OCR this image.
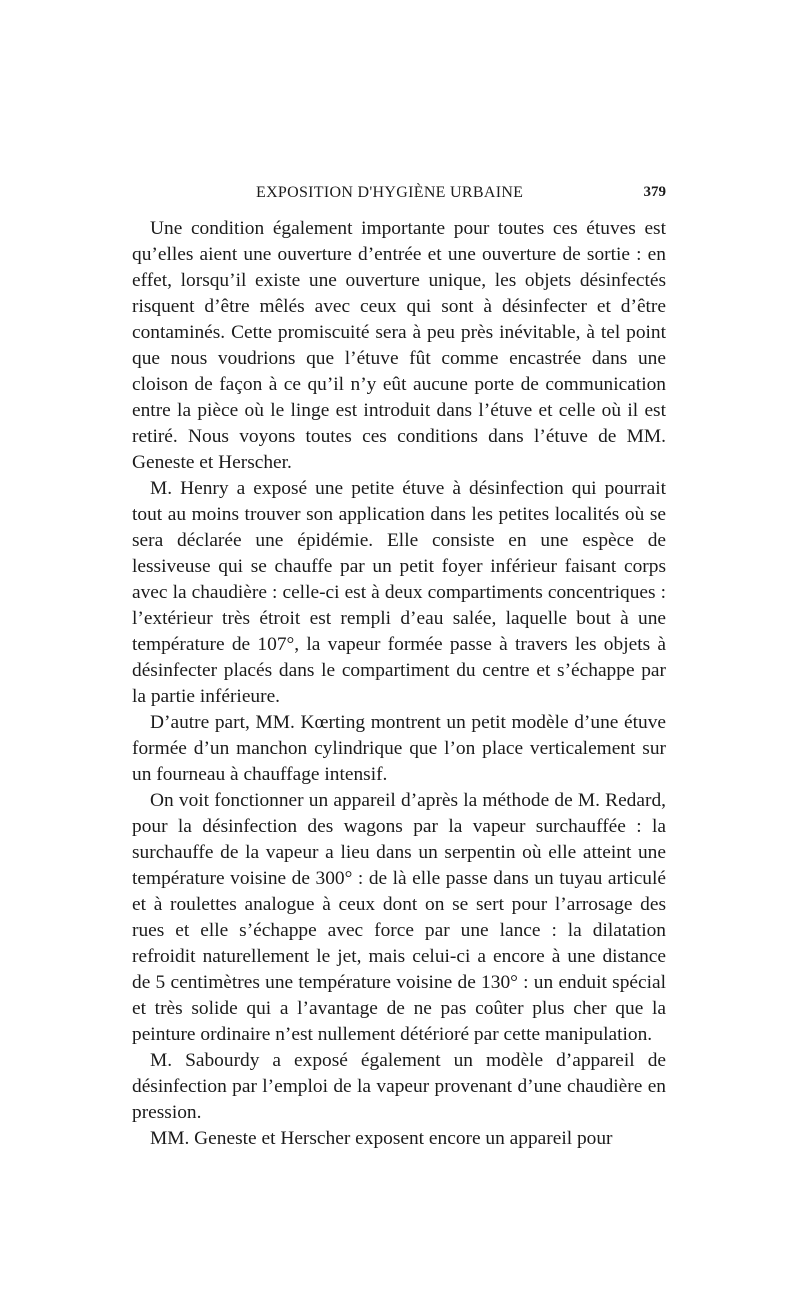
EXPOSITION D'HYGIÈNE URBAINE	379

Une condition également importante pour toutes ces étuves est qu’elles aient une ouverture d’entrée et une ouverture de sortie : en effet, lorsqu’il existe une ouverture unique, les objets désinfectés risquent d’être mêlés avec ceux qui sont à désinfecter et d’être contaminés. Cette promiscuité sera à peu près inévitable, à tel point que nous voudrions que l’étuve fût comme encastrée dans une cloison de façon à ce qu’il n’y eût aucune porte de communication entre la pièce où le linge est introduit dans l’étuve et celle où il est retiré. Nous voyons toutes ces conditions dans l’étuve de MM. Geneste et Herscher.

M. Henry a exposé une petite étuve à désinfection qui pourrait tout au moins trouver son application dans les petites localités où se sera déclarée une épidémie. Elle consiste en une espèce de lessiveuse qui se chauffe par un petit foyer inférieur faisant corps avec la chaudière : celle-ci est à deux compartiments concentriques : l’extérieur très étroit est rempli d’eau salée, laquelle bout à une température de 107°, la vapeur formée passe à travers les objets à désinfecter placés dans le compartiment du centre et s’échappe par la partie inférieure.

D’autre part, MM. Kœrting montrent un petit modèle d’une étuve formée d’un manchon cylindrique que l’on place verticalement sur un fourneau à chauffage intensif.

On voit fonctionner un appareil d’après la méthode de M. Redard, pour la désinfection des wagons par la vapeur surchauffée : la surchauffe de la vapeur a lieu dans un serpentin où elle atteint une température voisine de 300° : de là elle passe dans un tuyau articulé et à roulettes analogue à ceux dont on se sert pour l’arrosage des rues et elle s’échappe avec force par une lance : la dilatation refroidit naturellement le jet, mais celui-ci a encore à une distance de 5 centimètres une température voisine de 130° : un enduit spécial et très solide qui a l’avantage de ne pas coûter plus cher que la peinture ordinaire n’est nullement détérioré par cette manipulation.

M. Sabourdy a exposé également un modèle d’appareil de désinfection par l’emploi de la vapeur provenant d’une chaudière en pression.

MM. Geneste et Herscher exposent encore un appareil pour
